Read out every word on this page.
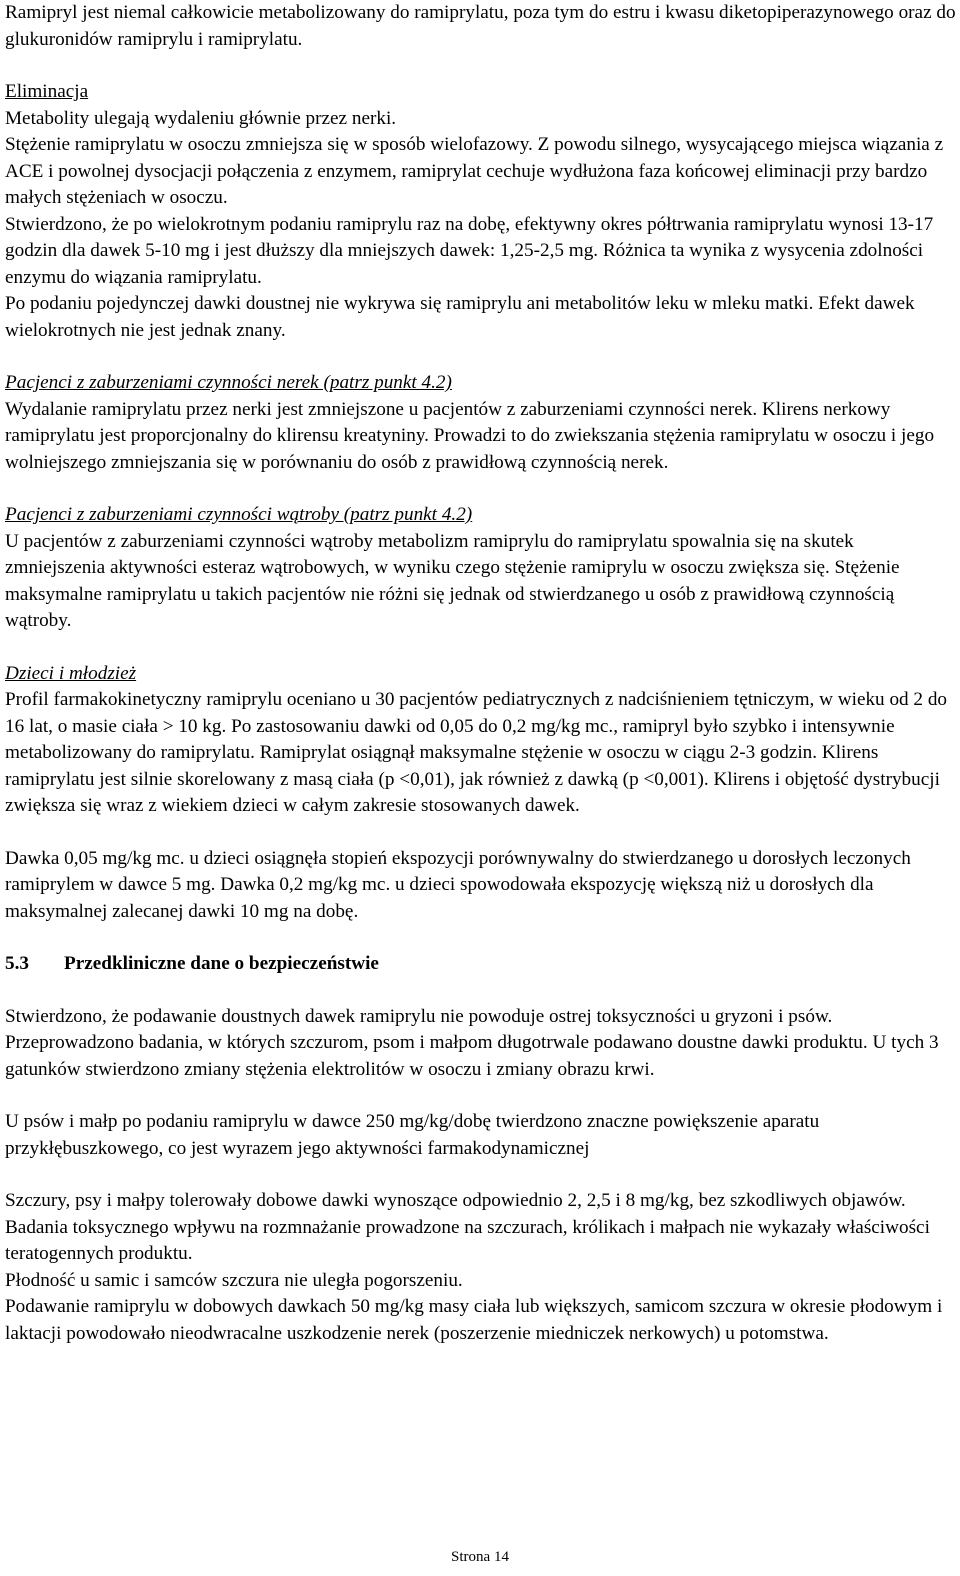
Ramipryl jest niemal całkowicie metabolizowany do ramiprylatu, poza tym do estru i kwasu diketopiperazynowego oraz do glukuronidów ramiprylu i ramiprylatu.

Eliminacja

Metabolity ulegają wydaleniu głównie przez nerki.

Stężenie ramiprylatu w osoczu zmniejsza się w sposób wielofazowy. Z powodu silnego, wysycającego miejsca wiązania z ACE i powolnej dysocjacji połączenia z enzymem, ramiprylat cechuje wydłużona faza końcowej eliminacji przy bardzo małych stężeniach w osoczu.

Stwierdzono, że po wielokrotnym podaniu ramiprylu raz na dobę, efektywny okres półtrwania ramiprylatu wynosi 13-17 godzin dla dawek 5-10 mg i jest dłuższy dla mniejszych dawek: 1,25-2,5 mg. Różnica ta wynika z wysycenia zdolności enzymu do wiązania ramiprylatu.

Po podaniu pojedynczej dawki doustnej nie wykrywa się ramiprylu ani metabolitów leku w mleku matki. Efekt dawek wielokrotnych nie jest jednak znany.

Pacjenci z zaburzeniami czynności nerek (patrz punkt 4.2)

Wydalanie ramiprylatu przez nerki jest zmniejszone u pacjentów z zaburzeniami czynności nerek. Klirens nerkowy ramiprylatu jest proporcjonalny do klirensu kreatyniny. Prowadzi to do zwiekszania stężenia ramiprylatu w osoczu i jego wolniejszego zmniejszania się w porównaniu do osób z prawidłową czynnością nerek.

Pacjenci z zaburzeniami czynności wątroby (patrz punkt 4.2)

U pacjentów z zaburzeniami czynności wątroby metabolizm ramiprylu do ramiprylatu spowalnia się na skutek zmniejszenia aktywności esteraz wątrobowych, w wyniku czego stężenie ramiprylu w osoczu zwiększa się. Stężenie maksymalne ramiprylatu u takich pacjentów nie różni się jednak od stwierdzanego u osób z prawidłową czynnością wątroby.

Dzieci i młodzież

Profil farmakokinetyczny ramiprylu oceniano u 30 pacjentów pediatrycznych z nadciśnieniem tętniczym, w wieku od 2 do 16 lat, o masie ciała > 10 kg. Po zastosowaniu dawki od 0,05 do 0,2 mg/kg mc., ramipryl było szybko i intensywnie metabolizowany do ramiprylatu. Ramiprylat osiągnął maksymalne stężenie w osoczu w ciągu 2-3 godzin. Klirens ramiprylatu jest silnie skorelowany z masą ciała (p <0,01), jak również z dawką (p <0,001). Klirens i objętość dystrybucji zwiększa się wraz z wiekiem dzieci w całym zakresie stosowanych dawek.

Dawka 0,05 mg/kg mc. u dzieci osiągnęła stopień ekspozycji porównywalny do stwierdzanego u dorosłych leczonych ramiprylem w dawce 5 mg. Dawka 0,2 mg/kg mc. u dzieci spowodowała ekspozycję większą niż u dorosłych dla maksymalnej zalecanej dawki 10 mg na dobę.

5.3 Przedkliniczne dane o bezpieczeństwie

Stwierdzono, że podawanie doustnych dawek ramiprylu nie powoduje ostrej toksyczności u gryzoni i psów. Przeprowadzono badania, w których szczurom, psom i małpom długotrwale podawano doustne dawki produktu. U tych 3 gatunków stwierdzono zmiany stężenia elektrolitów w osoczu i zmiany obrazu krwi.

U psów i małp po podaniu ramiprylu w dawce 250 mg/kg/dobę twierdzono znaczne powiększenie aparatu przykłębuszkowego, co jest wyrazem jego aktywności farmakodynamicznej

Szczury, psy i małpy tolerowały dobowe dawki wynoszące odpowiednio 2, 2,5 i 8 mg/kg, bez szkodliwych objawów.

Badania toksycznego wpływu na rozmnażanie prowadzone na szczurach, królikach i małpach nie wykazały właściwości teratogennych produktu.

Płodność u samic i samców szczura nie uległa pogorszeniu.

Podawanie ramiprylu w dobowych dawkach 50 mg/kg masy ciała lub większych, samicom szczura w okresie płodowym i laktacji powodowało nieodwracalne uszkodzenie nerek (poszerzenie miedniczek nerkowych) u potomstwa.

Strona 14
